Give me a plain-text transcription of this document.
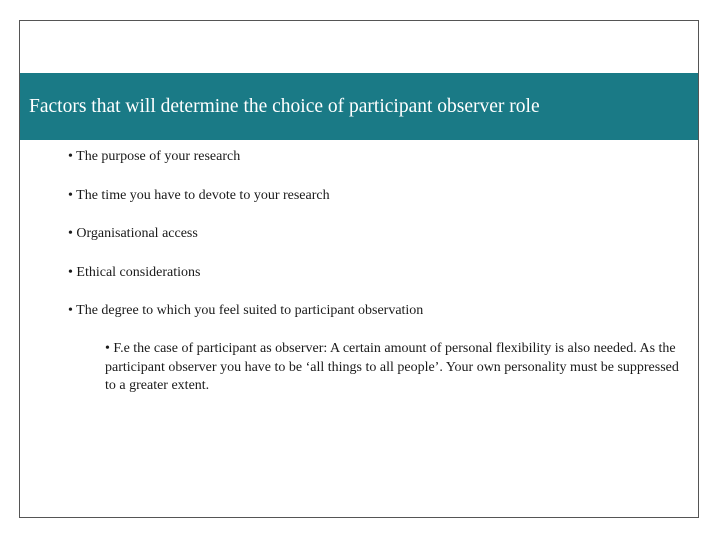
Factors that will determine the choice of participant observer role
• The purpose of your research
• The time you have to devote to your research
• Organisational access
• Ethical considerations
• The degree to which you feel suited to participant observation
• F.e the case of participant as observer: A certain amount of personal flexibility is also needed. As the participant observer you have to be ‘all things to all people’. Your own personality must be suppressed to a greater extent.
